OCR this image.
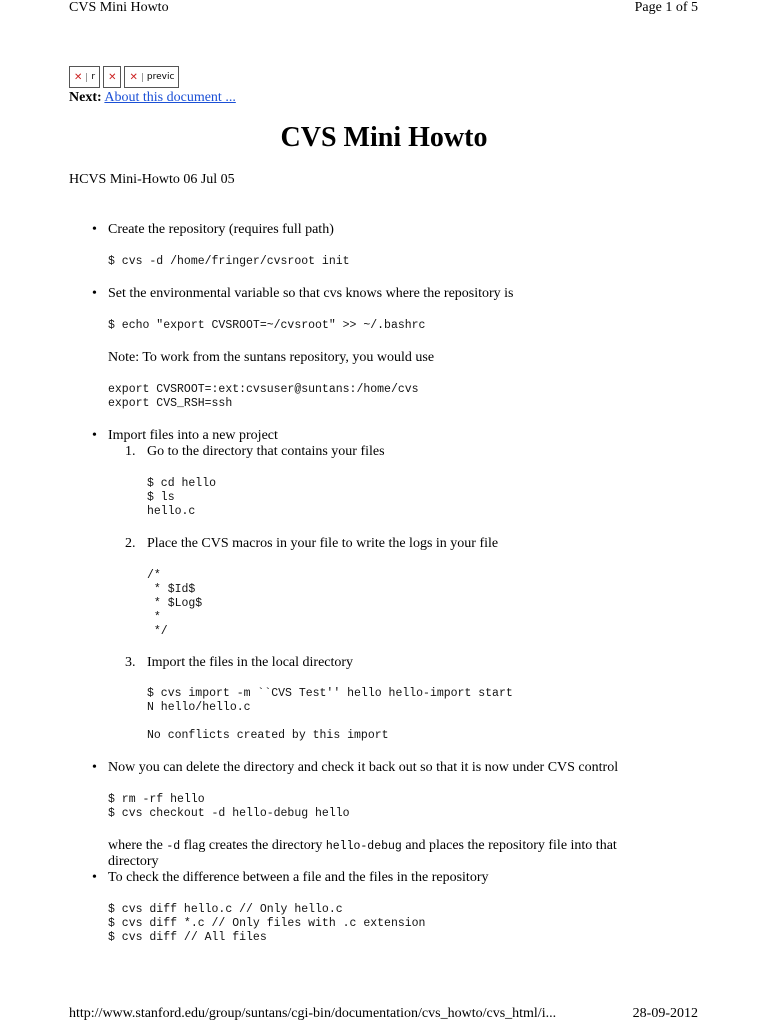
CVS Mini Howto	Page 1 of 5
✕ r ✕ ✕ previc
Next: About this document ...
CVS Mini Howto
HCVS Mini-Howto 06 Jul 05
• Create the repository (requires full path)
$ cvs -d /home/fringer/cvsroot init
• Set the environmental variable so that cvs knows where the repository is
$ echo "export CVSROOT=~/cvsroot" >> ~/.bashrc
Note: To work from the suntans repository, you would use
export CVSROOT=:ext:cvsuser@suntans:/home/cvs
export CVS_RSH=ssh
• Import files into a new project
1. Go to the directory that contains your files
$ cd hello
$ ls
hello.c
2. Place the CVS macros in your file to write the logs in your file
/*
* $Id$
* $Log$
*
*/
3. Import the files in the local directory
$ cvs import -m ``CVS Test'' hello hello-import start
N hello/hello.c
No conflicts created by this import
• Now you can delete the directory and check it back out so that it is now under CVS control
$ rm -rf hello
$ cvs checkout -d hello-debug hello
where the -d flag creates the directory hello-debug and places the repository file into that
directory
• To check the difference between a file and the files in the repository
$ cvs diff hello.c // Only hello.c
$ cvs diff *.c // Only files with .c extension
$ cvs diff // All files
http://www.stanford.edu/group/suntans/cgi-bin/documentation/cvs_howto/cvs_html/i...	28-09-2012
